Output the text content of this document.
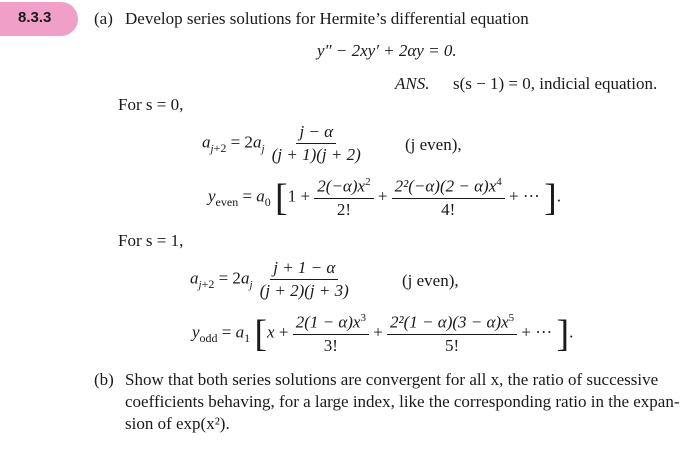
8.3.3	(a) Develop series solutions for Hermite’s differential equation
y″ − 2xy′ + 2αy = 0.
ANS. s(s − 1) = 0, indicial equation.
For s = 0,
$a_{j+2} = 2a_j \frac{j - \alpha}{(j + 1)(j + 2)} (j$ even),
$y_{even} = a_0$ [$1 + \frac{2(-\alpha)x^2}{2!} + \frac{2^2(-\alpha)(2 - \alpha)x^4}{4!}$ + ··· ].
For s = 1,
$a_{j+2} = 2a_j \frac{j + 1 - \alpha}{(j + 2)(j + 3)}$	(j even),
$y_{odd} = a_1$ [$x + \frac{2(1 - \alpha)x^3}{3!} + \frac{2^2(1 - \alpha)(3 - \alpha)x^5}{5!}$ + ··· ].
(b) Show that both series solutions are convergent for all x, the ratio of successive
coefficients behaving, for a large index, like the corresponding ratio in the expan-
sion of exp(x²).
